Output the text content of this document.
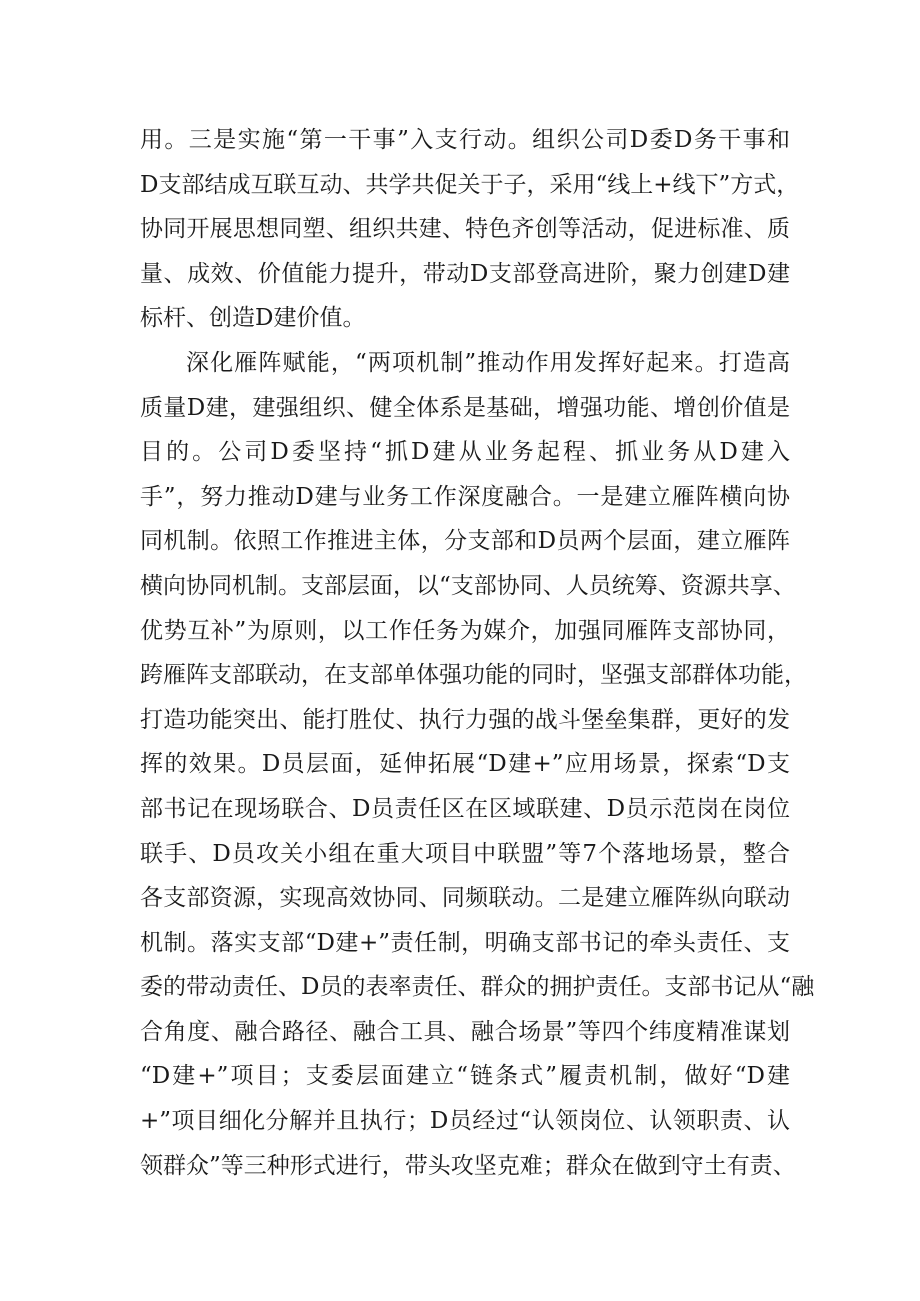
用。三是实施“第一干事”入支行动。组织公司D委D务干事和
D支部结成互联互动、共学共促关于子，采用“线上+线下”方式，
协同开展思想同塑、组织共建、特色齐创等活动，促进标准、质
量、成效、价值能力提升，带动D支部登高进阶，聚力创建D建
标杆、创造D建价值。
深化雁阵赋能，“两项机制”推动作用发挥好起来。打造高
质量D建，建强组织、健全体系是基础，增强功能、增创价值是
目的。公司D委坚持“抓D建从业务起程、抓业务从D建入
手”，努力推动D建与业务工作深度融合。一是建立雁阵横向协
同机制。依照工作推进主体，分支部和D员两个层面，建立雁阵
横向协同机制。支部层面，以“支部协同、人员统筹、资源共享、
优势互补”为原则，以工作任务为媒介，加强同雁阵支部协同，
跨雁阵支部联动，在支部单体强功能的同时，坚强支部群体功能，
打造功能突出、能打胜仗、执行力强的战斗堡垒集群，更好的发
挥的效果。D员层面，延伸拓展“D建+”应用场景，探索“D支
部书记在现场联合、D员责任区在区域联建、D员示范岗在岗位
联手、D员攻关小组在重大项目中联盟”等7个落地场景，整合
各支部资源，实现高效协同、同频联动。二是建立雁阵纵向联动
机制。落实支部“D建+”责任制，明确支部书记的牵头责任、支
委的带动责任、D员的表率责任、群众的拥护责任。支部书记从“融
合角度、融合路径、融合工具、融合场景”等四个纬度精准谋划
“D建+”项目；支委层面建立“链条式”履责机制，做好“D建
+”项目细化分解并且执行；D员经过“认领岗位、认领职责、认
领群众”等三种形式进行，带头攻坚克难；群众在做到守土有责、
